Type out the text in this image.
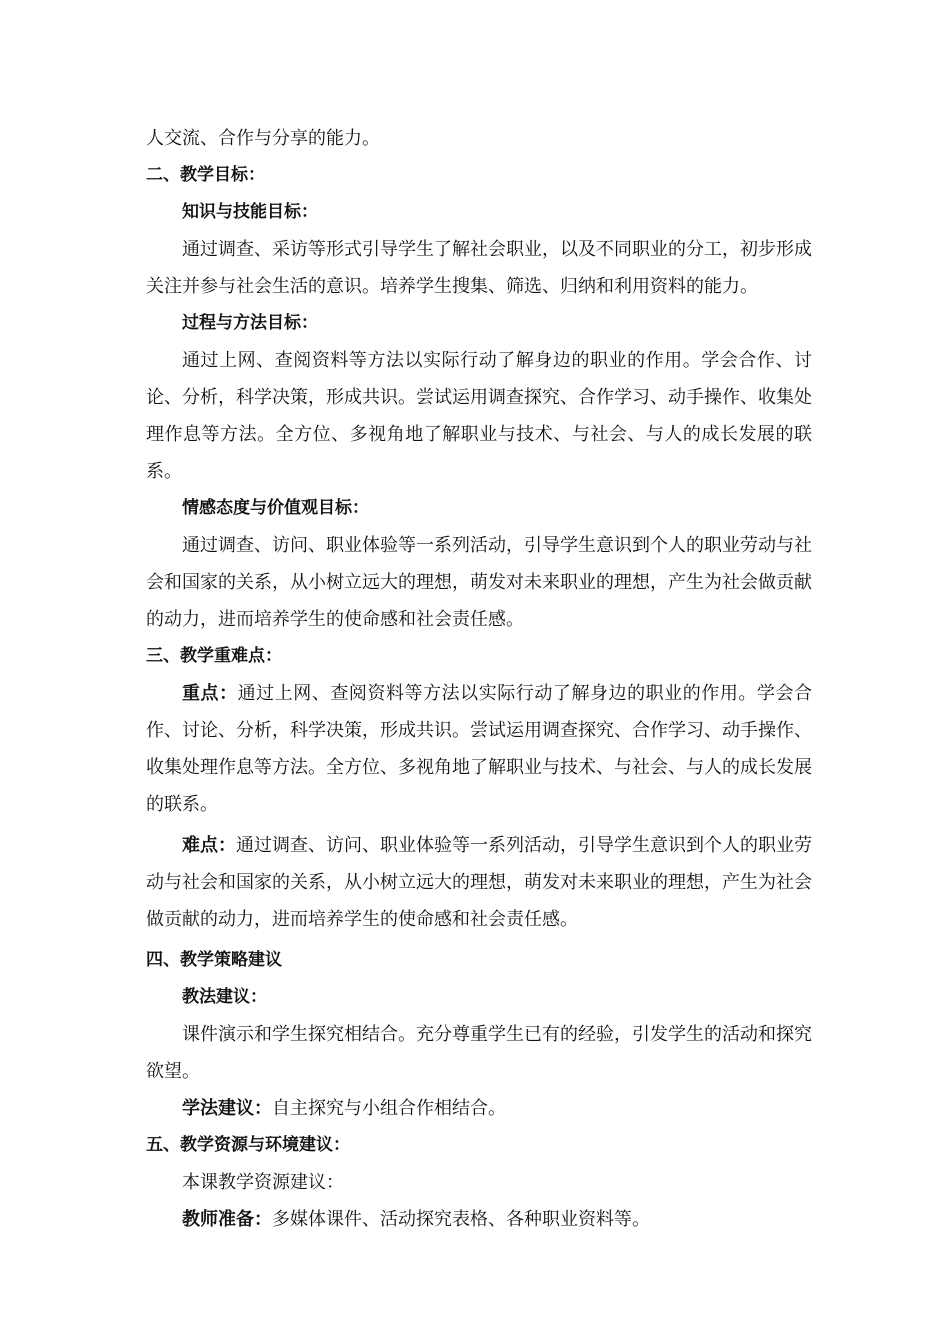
人交流、合作与分享的能力。

二、教学目标：

知识与技能目标：

通过调查、采访等形式引导学生了解社会职业，以及不同职业的分工，初步形成关注并参与社会生活的意识。培养学生搜集、筛选、归纳和利用资料的能力。

过程与方法目标：

通过上网、查阅资料等方法以实际行动了解身边的职业的作用。学会合作、讨论、分析，科学决策，形成共识。尝试运用调查探究、合作学习、动手操作、收集处理作息等方法。全方位、多视角地了解职业与技术、与社会、与人的成长发展的联系。

情感态度与价值观目标：

通过调查、访问、职业体验等一系列活动，引导学生意识到个人的职业劳动与社会和国家的关系，从小树立远大的理想，萌发对未来职业的理想，产生为社会做贡献的动力，进而培养学生的使命感和社会责任感。

三、教学重难点：

重点：通过上网、查阅资料等方法以实际行动了解身边的职业的作用。学会合作、讨论、分析，科学决策，形成共识。尝试运用调查探究、合作学习、动手操作、收集处理作息等方法。全方位、多视角地了解职业与技术、与社会、与人的成长发展的联系。

难点：通过调查、访问、职业体验等一系列活动，引导学生意识到个人的职业劳动与社会和国家的关系，从小树立远大的理想，萌发对未来职业的理想，产生为社会做贡献的动力，进而培养学生的使命感和社会责任感。

四、教学策略建议

教法建议：

课件演示和学生探究相结合。充分尊重学生已有的经验，引发学生的活动和探究欲望。

学法建议：自主探究与小组合作相结合。

五、教学资源与环境建议：

本课教学资源建议：

教师准备：多媒体课件、活动探究表格、各种职业资料等。
